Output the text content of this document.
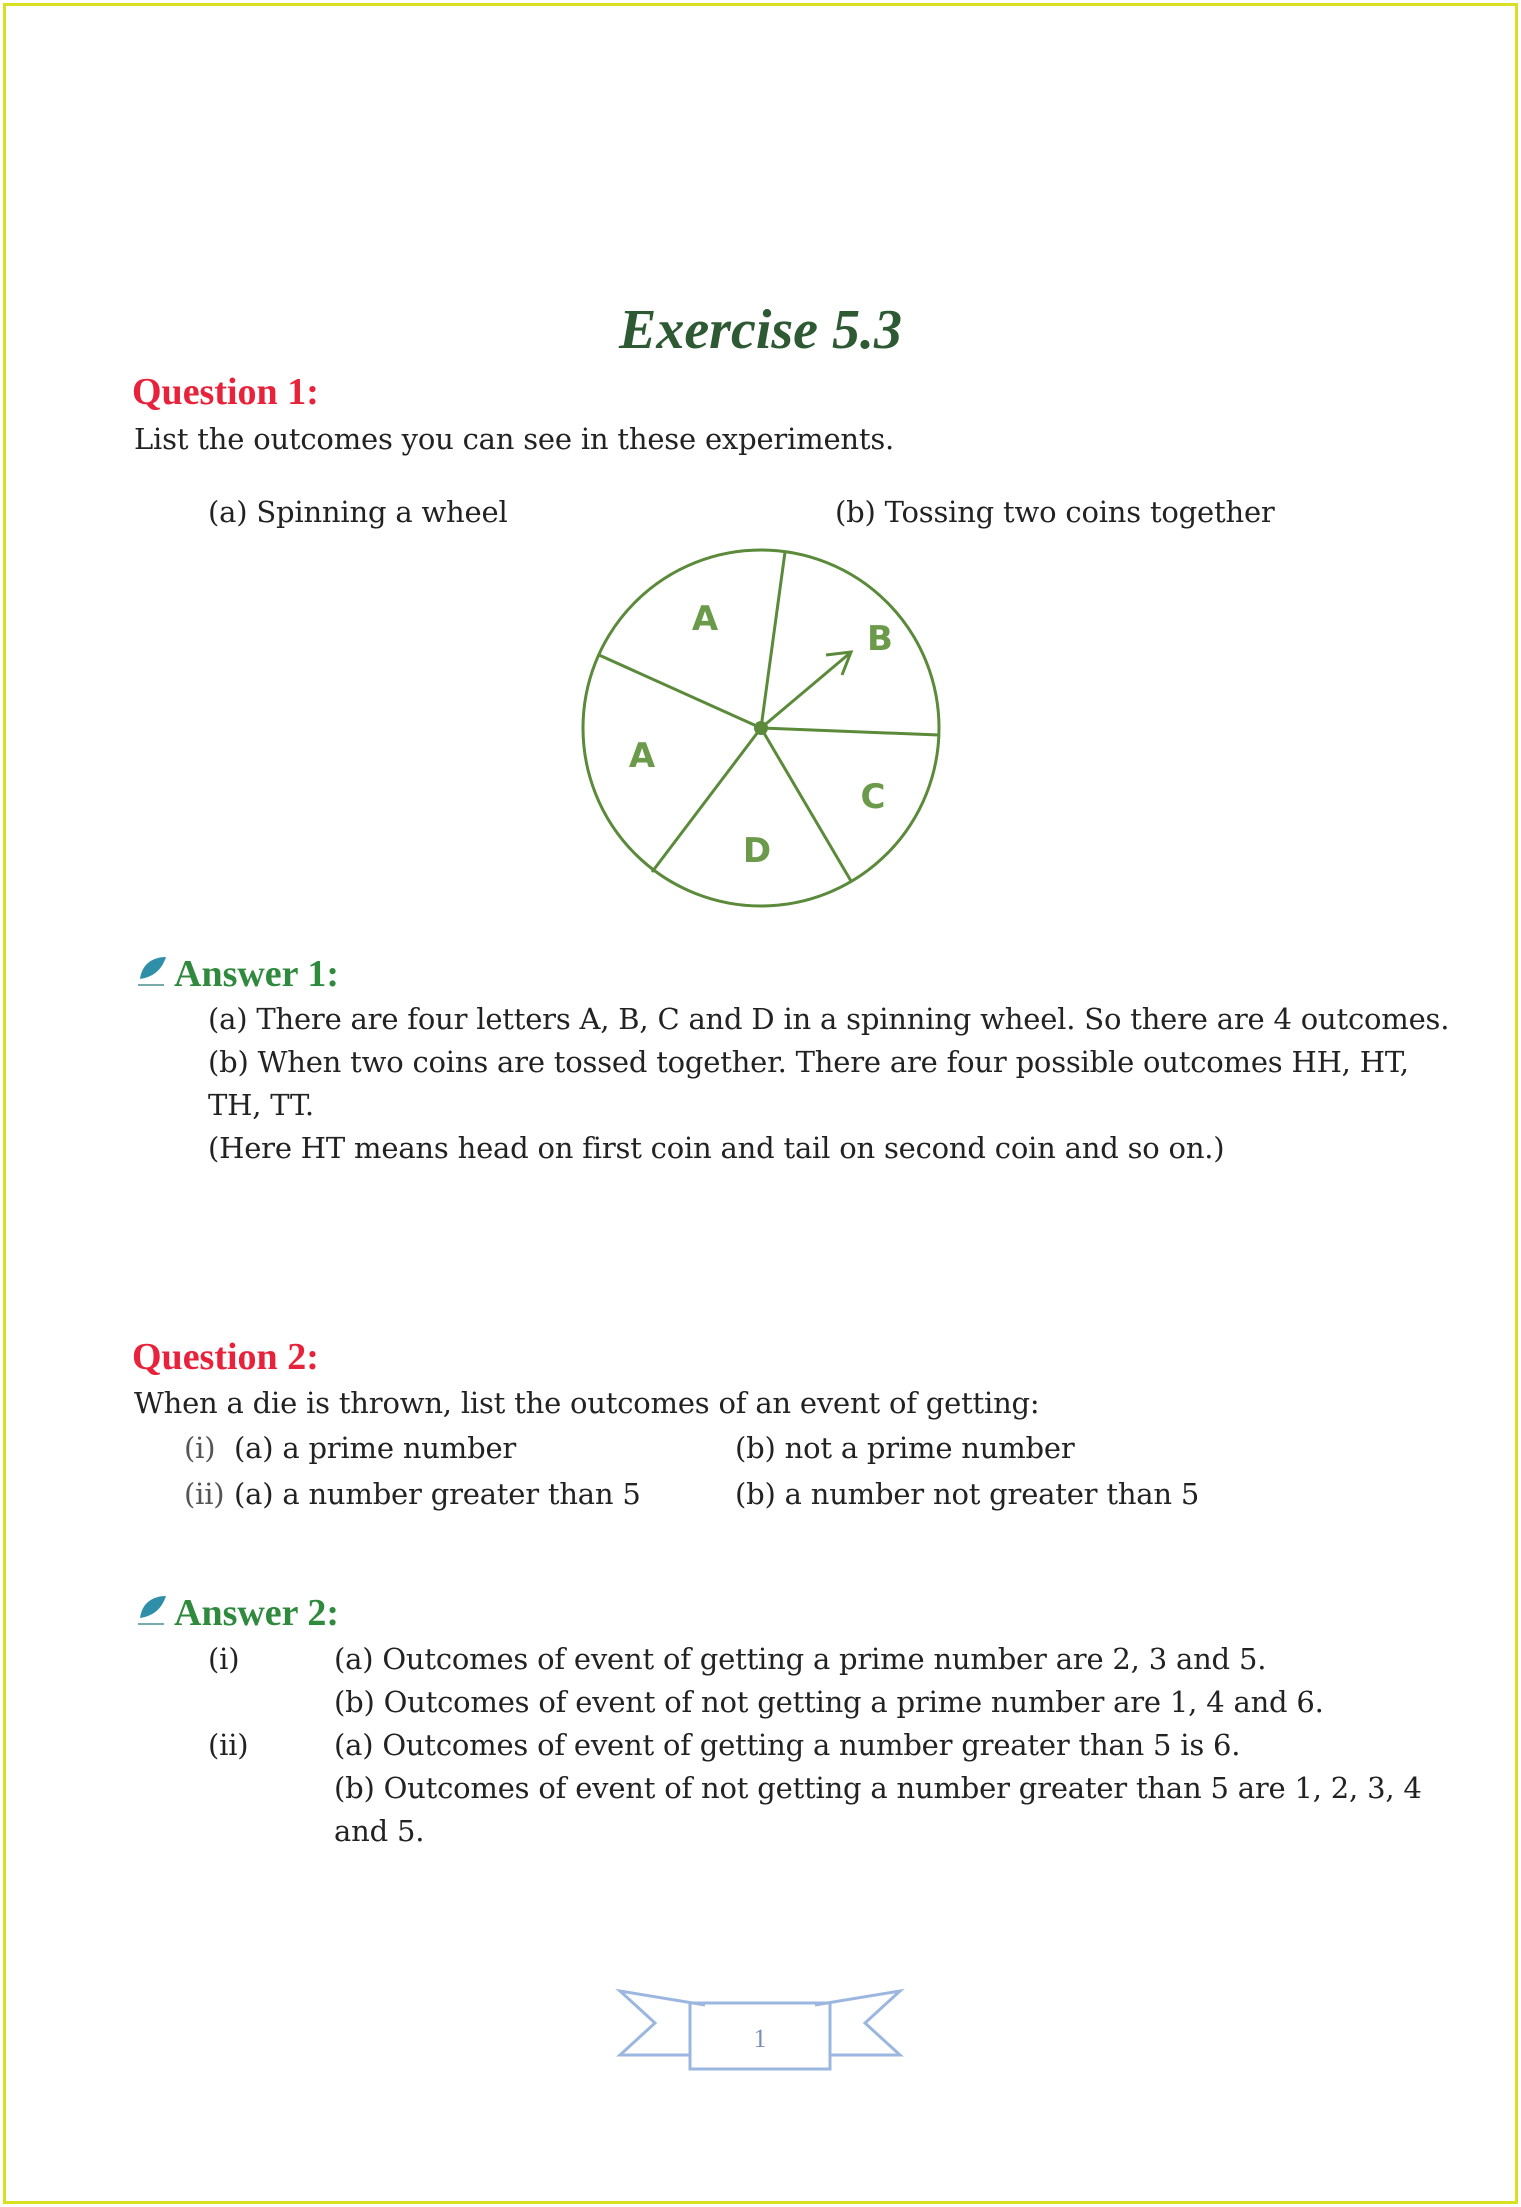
Exercise 5.3
Question 1:
List the outcomes you can see in these experiments.
(a) Spinning a wheel	(b) Tossing two coins together
A	B
A
C
D
Answer 1:
(a) There are four letters A, B, C and D in a spinning wheel. So there are 4 outcomes.
(b) When two coins are tossed together. There are four possible outcomes HH, HT,
TH, TT.
(Here HT means head on first coin and tail on second coin and so on.)
Question 2:
When a die is thrown, list the outcomes of an event of getting:
(i) (a) a prime number	(b) not a prime number
(ii) (a) a number greater than 5	(b) a number not greater than 5
Answer 2:
(i)	(a) Outcomes of event of getting a prime number are 2, 3 and 5.
(b) Outcomes of event of not getting a prime number are 1, 4 and 6.
(ii)	(a) Outcomes of event of getting a number greater than 5 is 6.
(b) Outcomes of event of not getting a number greater than 5 are 1, 2, 3, 4
and 5.
1
